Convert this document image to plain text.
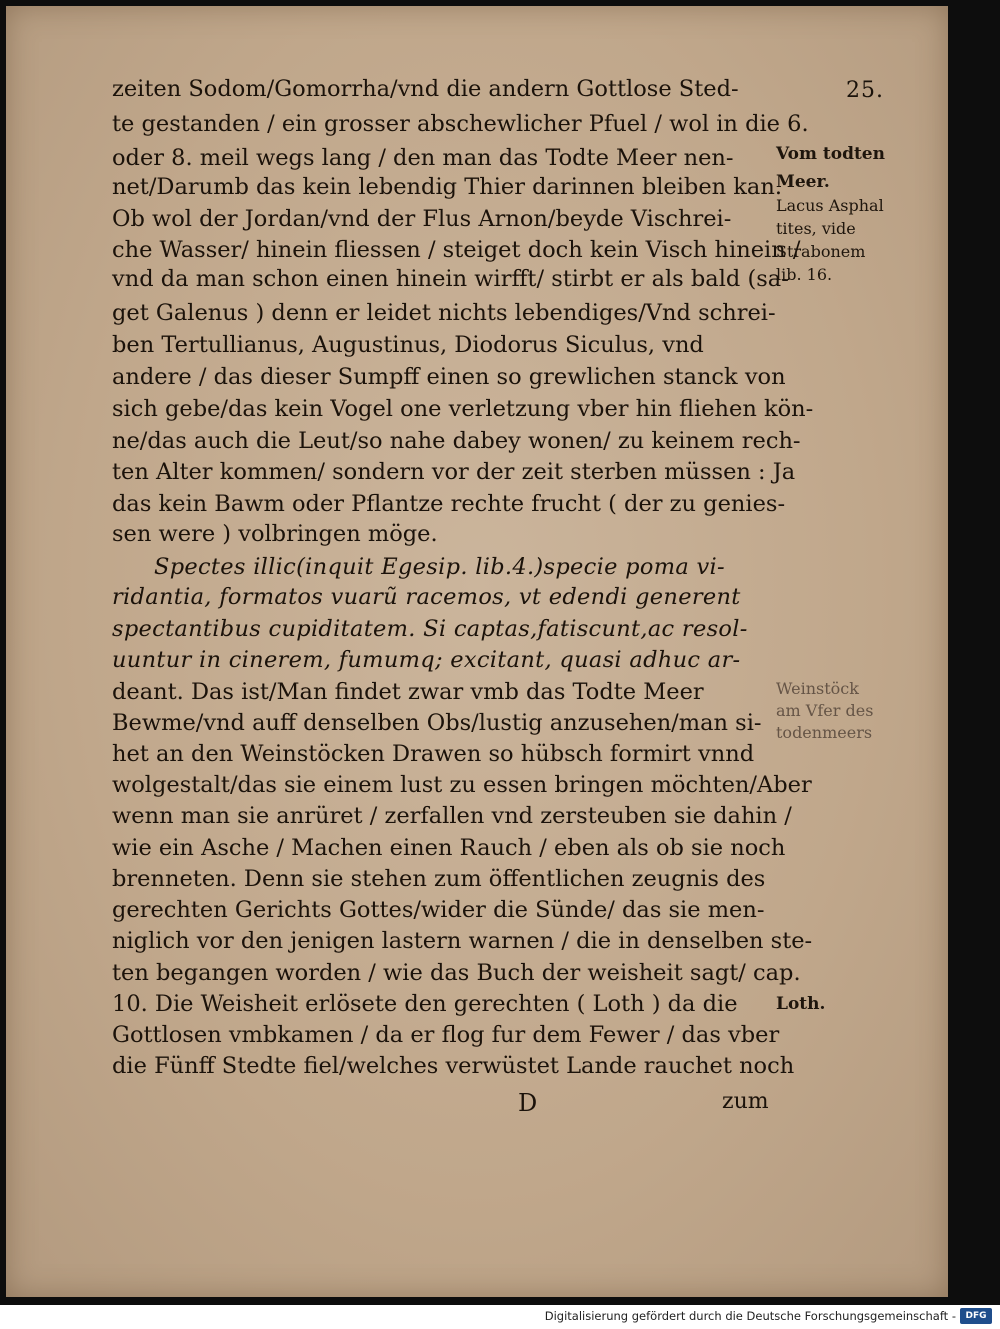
25.
zeiten Sodom/Gomorrha/vnd die andern Gottlose Sted-
te gestanden / ein grosser abschewlicher Pfuel / wol in die 6.
oder 8. meil wegs lang / den man das Todte Meer nen-
net/Darumb das kein lebendig Thier darinnen bleiben kan.
Ob wol der Jordan/vnd der Flus Arnon/beyde Vischrei-
che Wasser/ hinein fliessen / steiget doch kein Visch hinein /
vnd da man schon einen hinein wirfft/ stirbt er als bald (sa-
get Galenus ) denn er leidet nichts lebendiges/Vnd schrei-
ben Tertullianus, Augustinus, Diodorus Siculus, vnd
andere / das dieser Sumpff einen so grewlichen stanck von
sich gebe/das kein Vogel one verletzung vber hin fliehen kön-
ne/das auch die Leut/so nahe dabey wonen/ zu keinem rech-
ten Alter kommen/ sondern vor der zeit sterben müssen : Ja
das kein Bawm oder Pflantze rechte frucht ( der zu genies-
sen were ) volbringen möge.
Spectes illic(inquit Egesip. lib.4.)specie poma vi-
ridantia, formatos vuarũ racemos, vt edendi generent
spectantibus cupiditatem. Si captas,fatiscunt,ac resol-
uuntur in cinerem, fumumq; excitant, quasi adhuc ar-
deant. Das ist/Man findet zwar vmb das Todte Meer
Bewme/vnd auff denselben Obs/lustig anzusehen/man si-
het an den Weinstöcken Drawen so hübsch formirt vnnd
wolgestalt/das sie einem lust zu essen bringen möchten/Aber
wenn man sie anrüret / zerfallen vnd zersteuben sie dahin /
wie ein Asche / Machen einen Rauch / eben als ob sie noch
brenneten. Denn sie stehen zum öffentlichen zeugnis des
gerechten Gerichts Gottes/wider die Sünde/ das sie men-
niglich vor den jenigen lastern warnen / die in denselben ste-
ten begangen worden / wie das Buch der weisheit sagt/ cap.
10. Die Weisheit erlösete den gerechten ( Loth ) da die
Gottlosen vmbkamen / da er flog fur dem Fewer / das vber
die Fünff Stedte fiel/welches verwüstet Lande rauchet noch
Vom todten
Meer.
Lacus Asphal
tites, vide
Strabonem
lib. 16.
Weinstöck
am Vfer des
todenmeers
Loth.
D	zum
Digitalisierung gefördert durch die Deutsche Forschungsgemeinschaft -	DFG
